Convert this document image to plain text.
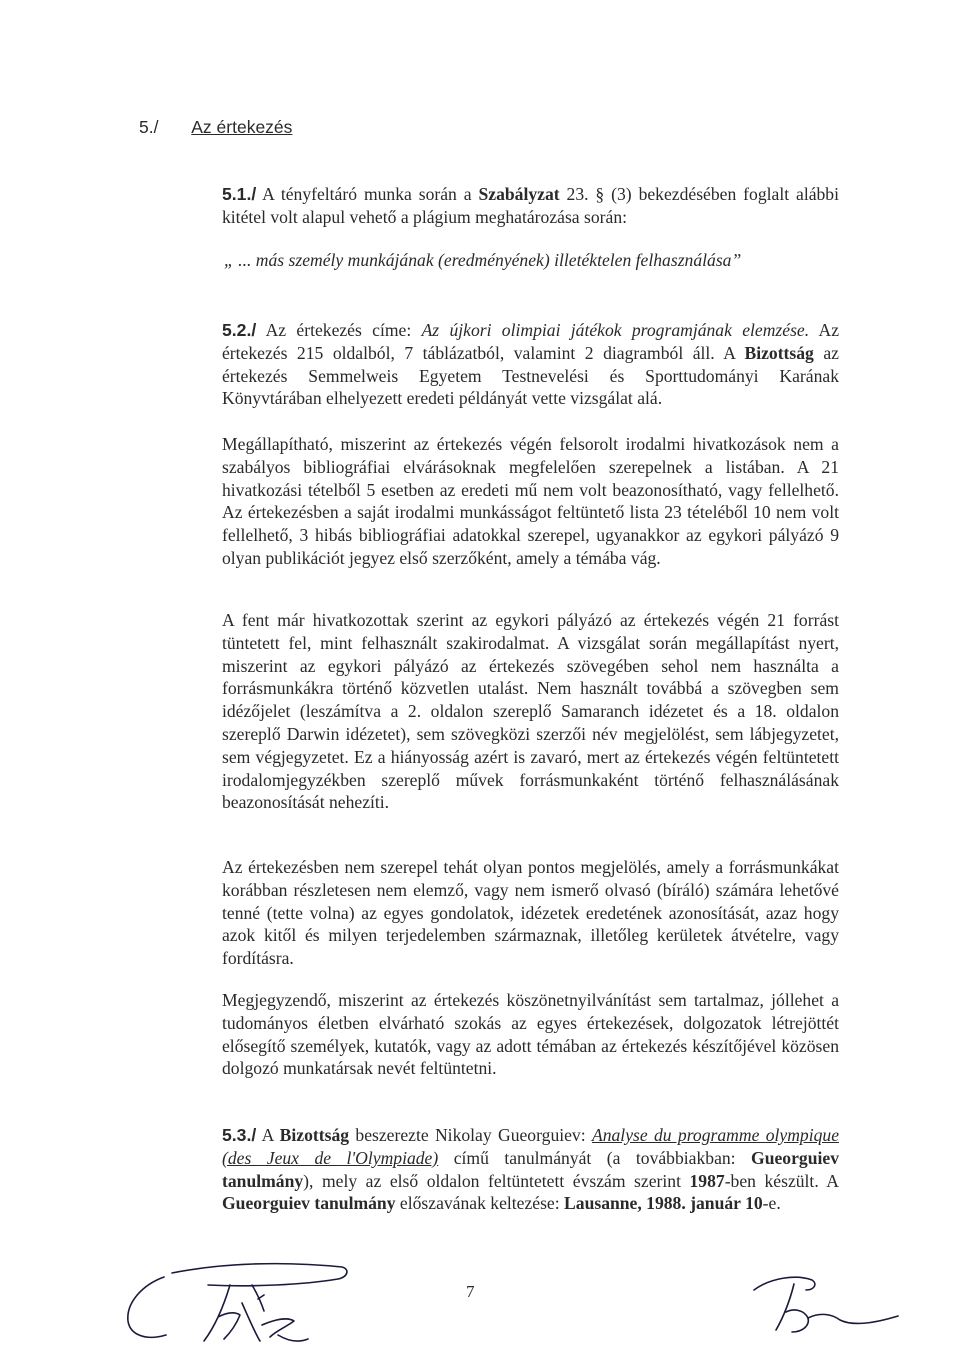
5./ Az értekezés
5.1./ A tényfeltáró munka során a Szabályzat 23. § (3) bekezdésében foglalt alábbi kitétel volt alapul vehető a plágium meghatározása során:
„ ... más személy munkájának (eredményének) illetéktelen felhasználása”
5.2./ Az értekezés címe: Az újkori olimpiai játékok programjának elemzése. Az értekezés 215 oldalból, 7 táblázatból, valamint 2 diagramból áll. A Bizottság az értekezés Semmelweis Egyetem Testnevelési és Sporttudományi Karának Könyvtárában elhelyezett eredeti példányát vette vizsgálat alá.
Megállapítható, miszerint az értekezés végén felsorolt irodalmi hivatkozások nem a szabályos bibliográfiai elvárásoknak megfelelően szerepelnek a listában. A 21 hivatkozási tételből 5 esetben az eredeti mű nem volt beazonosítható, vagy fellelhető. Az értekezésben a saját irodalmi munkásságot feltüntető lista 23 tételéből 10 nem volt fellelhető, 3 hibás bibliográfiai adatokkal szerepel, ugyanakkor az egykori pályázó 9 olyan publikációt jegyez első szerzőként, amely a témába vág.
A fent már hivatkozottak szerint az egykori pályázó az értekezés végén 21 forrást tüntetett fel, mint felhasznált szakirodalmat. A vizsgálat során megállapítást nyert, miszerint az egykori pályázó az értekezés szövegében sehol nem használta a forrásmunkákra történő közvetlen utalást. Nem használt továbbá a szövegben sem idézőjelet (leszámítva a 2. oldalon szereplő Samaranch idézetet és a 18. oldalon szereplő Darwin idézetet), sem szövegközi szerzői név megjelölést, sem lábjegyzetet, sem végjegyzetet. Ez a hiányosság azért is zavaró, mert az értekezés végén feltüntetett irodalomjegyzékben szereplő művek forrásmunkaként történő felhasználásának beazonosítását nehezíti.
Az értekezésben nem szerepel tehát olyan pontos megjelölés, amely a forrásmunkákat korábban részletesen nem elemző, vagy nem ismerő olvasó (bíráló) számára lehetővé tenné (tette volna) az egyes gondolatok, idézetek eredetének azonosítását, azaz hogy azok kitől és milyen terjedelemben származnak, illetőleg kerületek átvételre, vagy fordításra.
Megjegyzendő, miszerint az értekezés köszönetnyilvánítást sem tartalmaz, jóllehet a tudományos életben elvárható szokás az egyes értekezések, dolgozatok létrejöttét elősegítő személyek, kutatók, vagy az adott témában az értekezés készítőjével közösen dolgozó munkatársak nevét feltüntetni.
5.3./ A Bizottság beszerezte Nikolay Gueorguiev: Analyse du programme olympique (des Jeux de l'Olympiade) című tanulmányát (a továbbiakban: Gueorguiev tanulmány), mely az első oldalon feltüntetett évszám szerint 1987-ben készült. A Gueorguiev tanulmány előszavának keltezése: Lausanne, 1988. január 10-e.
7
